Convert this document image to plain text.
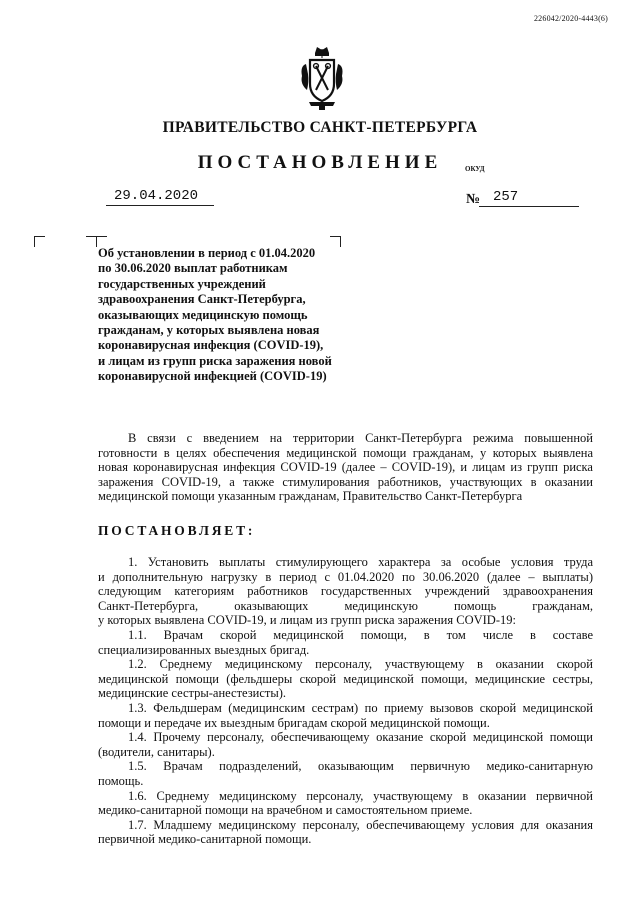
226042/2020-4443(6)
ПРАВИТЕЛЬСТВО САНКТ-ПЕТЕРБУРГА
ПОСТАНОВЛЕНИЕ	ОКУД
29.04.2020	№ 257
Об установлении в период с 01.04.2020
по 30.06.2020 выплат работникам
государственных учреждений
здравоохранения Санкт-Петербурга,
оказывающих медицинскую помощь
гражданам, у которых выявлена новая
коронавирусная инфекция (COVID-19),
и лицам из групп риска заражения новой
коронавирусной инфекцией (COVID-19)
В связи с введением на территории Санкт-Петербурга режима повышенной
готовности в целях обеспечения медицинской помощи гражданам, у которых выявлена
новая коронавирусная инфекция COVID-19 (далее – COVID-19), и лицам из групп риска
заражения COVID-19, а также стимулирования работников, участвующих в оказании
медицинской помощи указанным гражданам, Правительство Санкт-Петербурга
ПОСТАНОВЛЯЕТ:
1. Установить выплаты стимулирующего характера за особые условия труда
и дополнительную нагрузку в период с 01.04.2020 по 30.06.2020 (далее – выплаты)
следующим категориям работников государственных учреждений здравоохранения
Санкт-Петербурга, оказывающих медицинскую помощь гражданам,
у которых выявлена COVID-19, и лицам из групп риска заражения COVID-19:
1.1. Врачам скорой медицинской помощи, в том числе в составе
специализированных выездных бригад.
1.2. Среднему медицинскому персоналу, участвующему в оказании скорой
медицинской помощи (фельдшеры скорой медицинской помощи, медицинские сестры,
медицинские сестры-анестезисты).
1.3. Фельдшерам (медицинским сестрам) по приему вызовов скорой медицинской
помощи и передаче их выездным бригадам скорой медицинской помощи.
1.4. Прочему персоналу, обеспечивающему оказание скорой медицинской помощи
(водители, санитары).
1.5. Врачам подразделений, оказывающим первичную медико-санитарную
помощь.
1.6. Среднему медицинскому персоналу, участвующему в оказании первичной
медико-санитарной помощи на врачебном и самостоятельном приеме.
1.7. Младшему медицинскому персоналу, обеспечивающему условия для оказания
первичной медико-санитарной помощи.
